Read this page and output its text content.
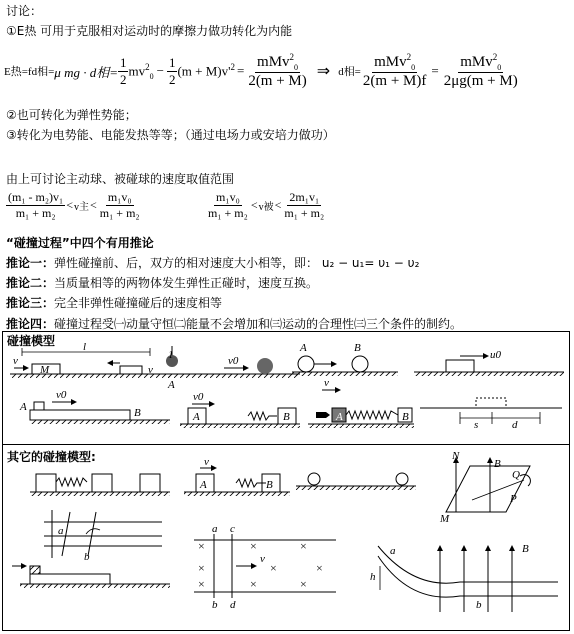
讨论：
①E热 可用于克服相对运动时的摩擦力做功转化为内能
E热=fd相= μ mg · d相= $\frac{1}{2} mv^2_0 - \frac{1}{2} (m + M)v'^2 = \frac{mMv^2_0}{2(m + M)}$ ⇒ d相= $\frac{mMv^2_0}{2(m + M)f} = \frac{mMv^2_0}{2\mu g(m + M)}$
②也可转化为弹性势能；
③转化为电势能、电能发热等等；（通过电场力或安培力做功）
由上可讨论主动球、被碰球的速度取值范围
$\frac{\text{(m₁ - m₂)v₁}}{\text{m₁ + m₂}} < v$主 < $\frac{\text{m₁v₀}}{\text{m₁ + m₂}}$	$\frac{\text{m₁v₀}}{\text{m₁ + m₂}} < v$被 < $\frac{\text{2m₁v₁}}{\text{m₁ + m₂}}$
“碰撞过程”中四个有用推论
推论一：弹性碰撞前、后，双方的相对速度大小相等，即： u₂ − u₁= υ₁ − υ₂
推论二：当质量相等的两物体发生弹性正碰时，速度互换。
推论三：完全非弹性碰撞碰后的速度相等
推论四：碰撞过程受㈠动量守恒㈡能量不会增加和㈢运动的合理性㈢三个条件的制约。
碰撞模型
其它的碰撞模型:
l
v
M	v
1
A
v0
A	B
u0
A
v0
B
v0
A	B
v
A	B
s	d
v
A	B
N
B
M
P
Q
a
b
×	×	×
×	×	×
×	×	×
a c
b d
v
a
b
h
B
